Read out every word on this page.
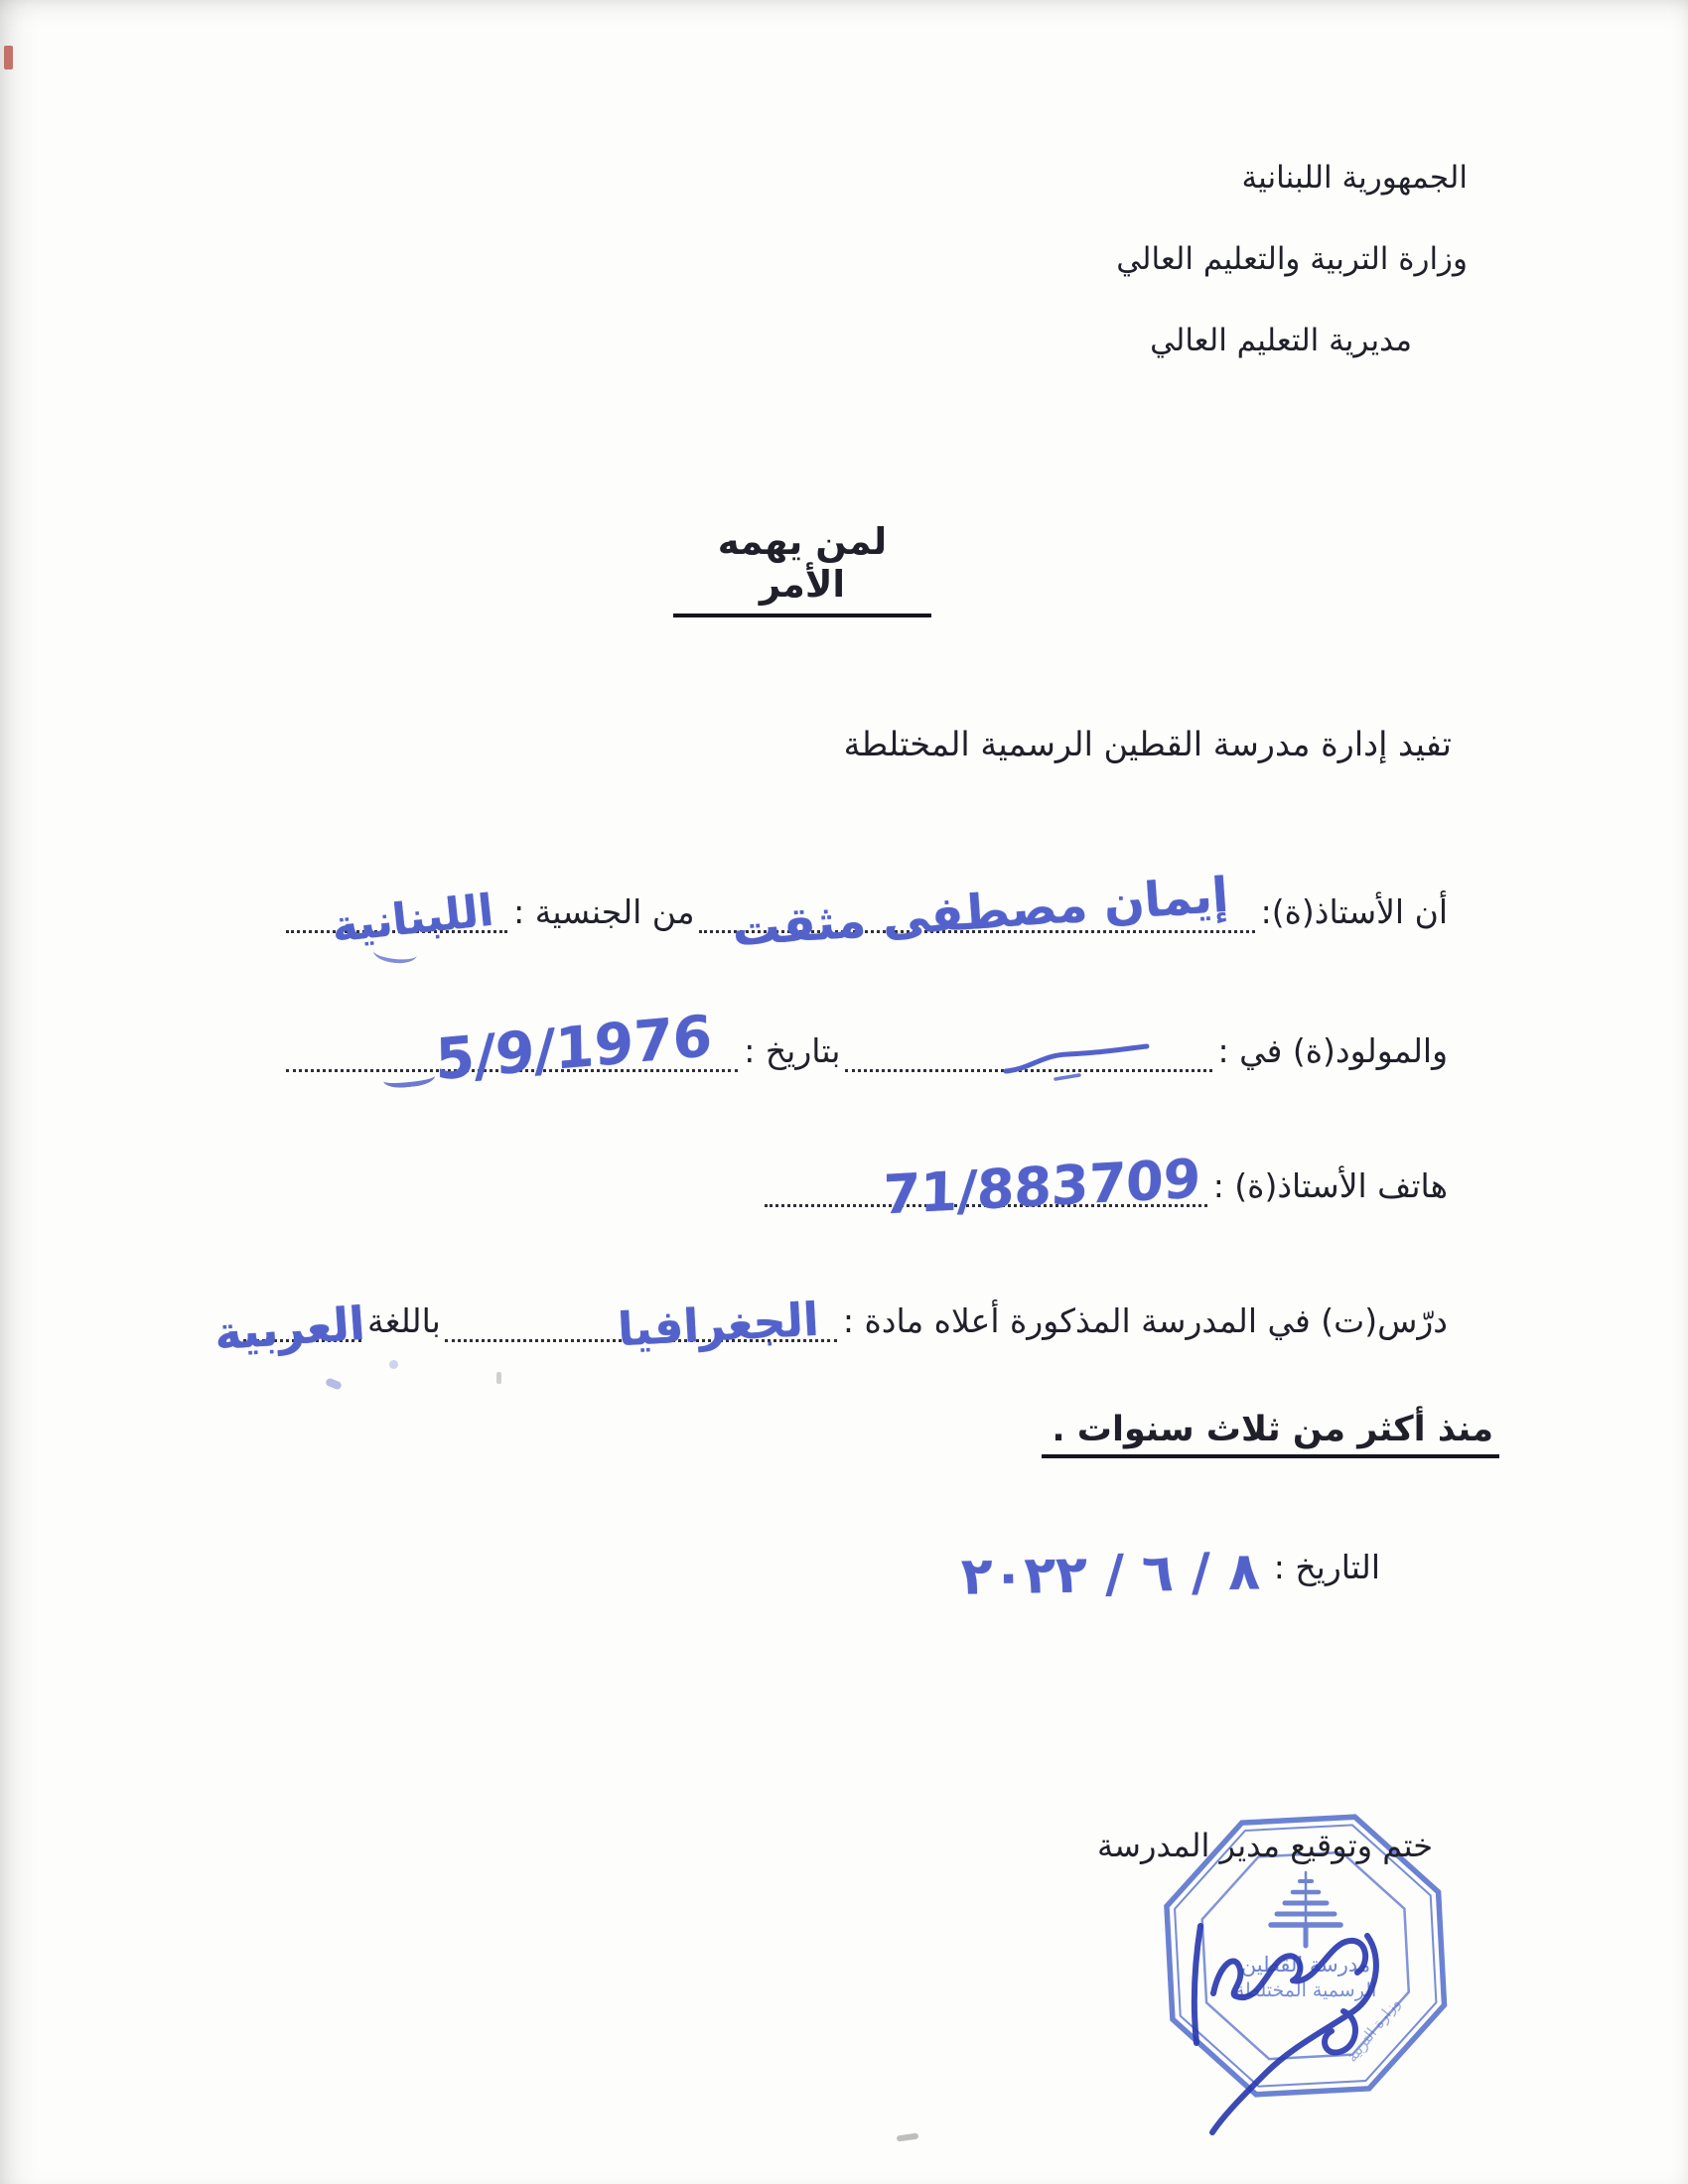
الجمهورية اللبنانية
وزارة التربية والتعليم العالي
مديرية التعليم العالي
لمن يهمه الأمر
تفيد إدارة مدرسة القطين الرسمية المختلطة
أن الأستاذ(ة):
إيمان مصطفى مثقت
من الجنسية :
اللبنانية
والمولود(ة) في :
بتاريخ :
5/9/1976
هاتف الأستاذ(ة) :
71/883709
درّس(ت) في المدرسة المذكورة أعلاه مادة :
الجغرافيا
باللغة
العربية
منذ أكثر من ثلاث سنوات .
التاريخ :
٨ / ٦ / ٢٠٢٢
ختم وتوقيع مدير المدرسة
مدرسة القطين
الرسمية المختلطة
وزارة التربية
